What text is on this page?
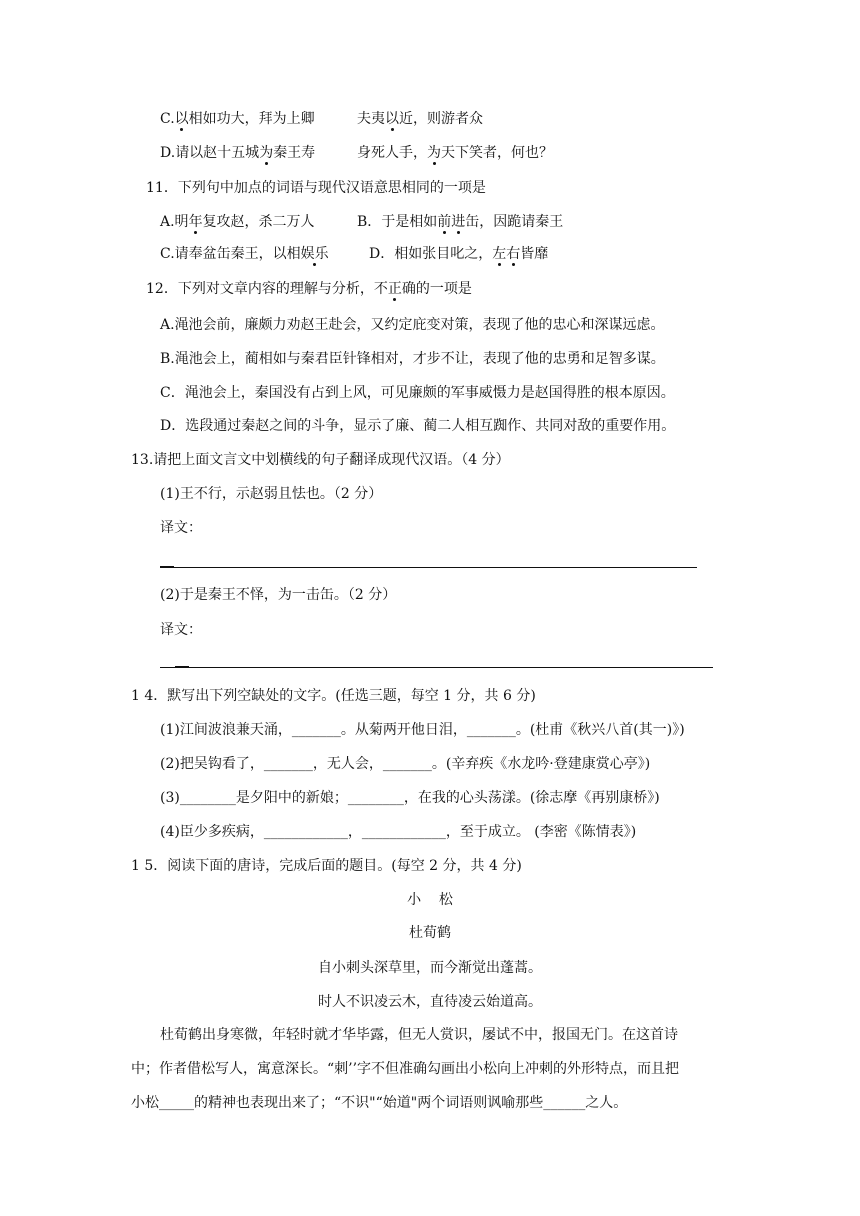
C.以相如功大，拜为上卿	夫夷以近，则游者众
D.请以赵十五城为秦王寿	身死人手，为天下笑者，何也？
11．下列句中加点的词语与现代汉语意思相同的一项是
A.明年复攻赵，杀二万人	B．于是相如前进缶，因跪请秦王
C.请奉盆缶秦王，以相娱乐	D．相如张目叱之，左右皆靡
12．下列对文章内容的理解与分析，不正确的一项是
A.渑池会前，廉颇力劝赵王赴会，又约定庇变对策，表现了他的忠心和深谋远虑。
B.渑池会上，蔺相如与秦君臣针锋相对，才步不让，表现了他的忠勇和足智多谋。
C．渑池会上，秦国没有占到上风，可见廉颇的军事威慑力是赵国得胜的根本原因。
D．选段通过秦赵之间的斗争，显示了廉、蔺二人相互踟作、共同对敌的重要作用。
13.请把上面文言文中划横线的句子翻译成现代汉语。（4 分）
(1)王不行，示赵弱且怯也。（2 分）
译文：
(2)于是秦王不怿，为一击缶。（2 分）
译文：
1 4．默写出下列空缺处的文字。(任选三题，每空 1 分，共 6 分)
(1)江间波浪兼天涌，_______。从菊两开他日泪，_______。(杜甫《秋兴八首(其一)》)
(2)把吴钩看了，_______，无人会，_______。(辛弃疾《水龙吟·登建康赏心亭》)
(3)________是夕阳中的新娘；________，在我的心头荡漾。(徐志摩《再别康桥》)
(4)臣少多疾病，____________，____________，至于成立。 (李密《陈情表》)
1 5．阅读下面的唐诗，完成后面的题目。(每空 2 分，共 4 分)
小    松
杜荀鹤
自小刺头深草里，而今渐觉出蓬蒿。
时人不识凌云木，直待凌云始道高。
杜荀鹤出身寒微，年轻时就才华毕露，但无人赏识，屡试不中，报国无门。在这首诗
中；作者借松写人，寓意深长。“刺’’字不但准确勾画出小松向上冲刺的外形特点，而且把
小松_____的精神也表现出来了；“不识"“始道"两个词语则讽喻那些______之人。
